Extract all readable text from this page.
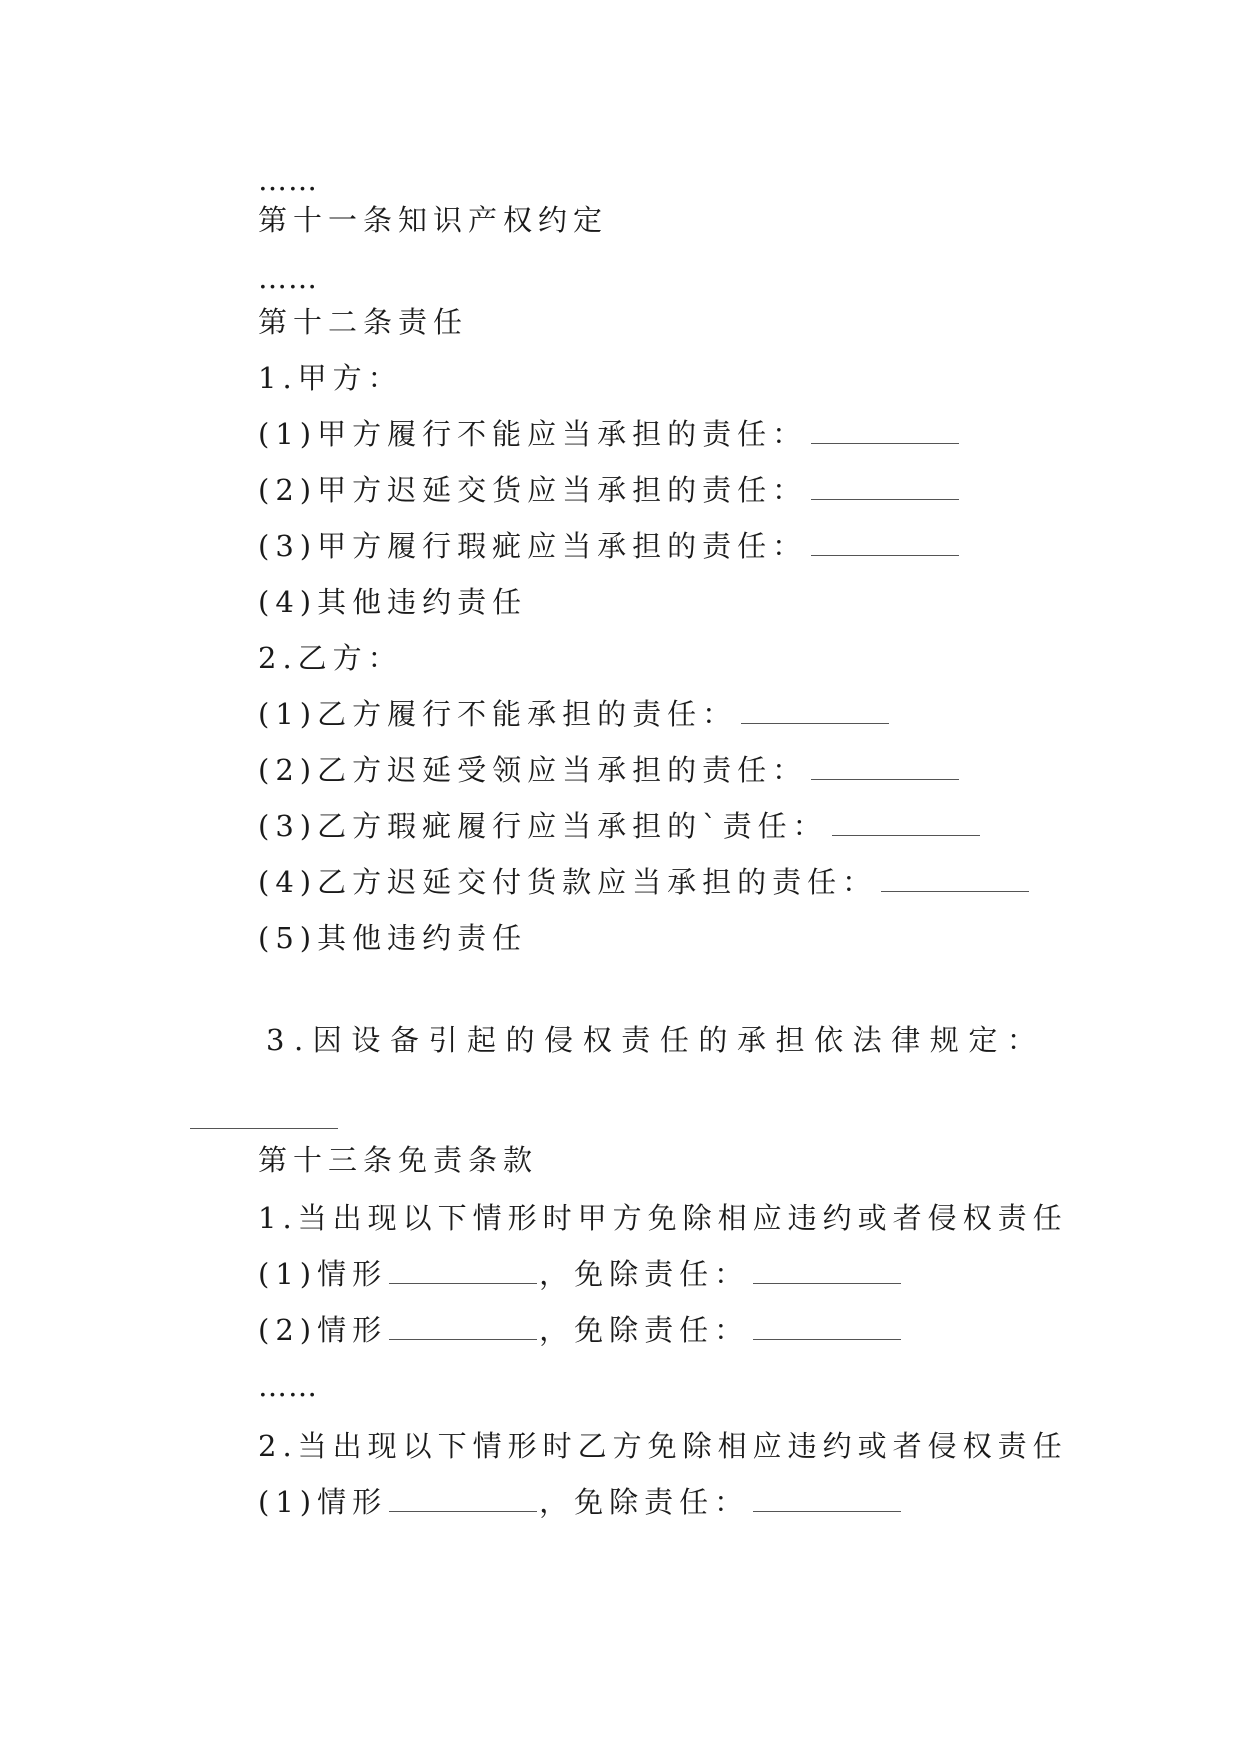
……
第十一条知识产权约定
……
第十二条责任
1.甲方：
(1)甲方履行不能应当承担的责任：
(2)甲方迟延交货应当承担的责任：
(3)甲方履行瑕疵应当承担的责任：
(4)其他违约责任
2.乙方：
(1)乙方履行不能承担的责任：
(2)乙方迟延受领应当承担的责任：
(3)乙方瑕疵履行应当承担的`责任：
(4)乙方迟延交付货款应当承担的责任：
(5)其他违约责任
3 . 因 设 备 引 起 的 侵 权 责 任 的 承 担 依 法 律 规 定 ：
第十三条免责条款
1.当出现以下情形时甲方免除相应违约或者侵权责任
(1)情形	，免除责任：
(2)情形	，免除责任：
……
2.当出现以下情形时乙方免除相应违约或者侵权责任
(1)情形	，免除责任：
